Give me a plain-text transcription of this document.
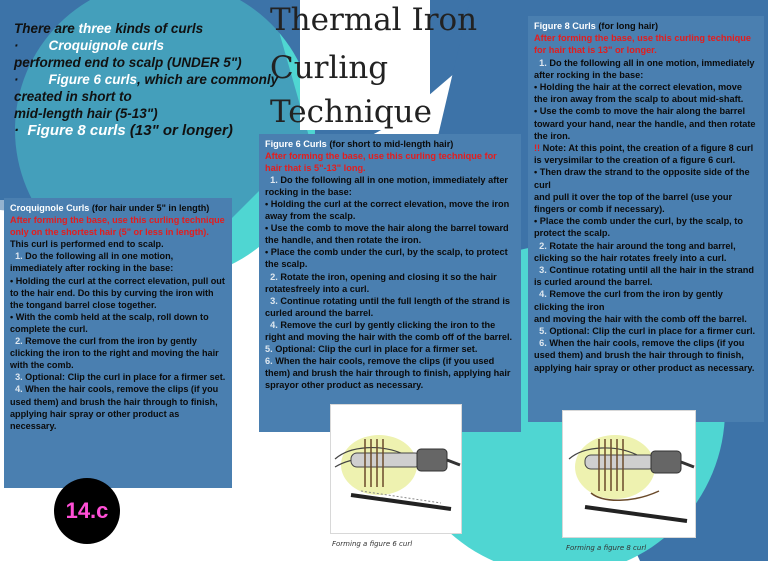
Thermal Iron
Curling
Technique
There are three kinds of curls
· Croquignole curls
performed end to scalp (UNDER 5")
· Figure 6 curls, which are commonly
created in short to
mid-length hair (5-13")
· Figure 8 curls (13" or longer)
Croquignole Curls (for hair under 5" in length)
After forming the base, use this curling technique only on the shortest hair (5" or less in length).
This curl is performed end to scalp.
1. Do the following all in one motion, immediately after rocking in the base:
• Holding the curl at the correct elevation, pull out to the hair end. Do this by curving the iron with the tongand barrel close together.
• With the comb held at the scalp, roll down to complete the curl.
2. Remove the curl from the iron by gently clicking the iron to the right and moving the hair with the comb.
3. Optional: Clip the curl in place for a firmer set.
4. When the hair cools, remove the clips (if you used them) and brush the hair through to finish, applying hair spray or other product as necessary.
Figure 6 Curls (for short to mid-length hair)
After forming the base, use this curling technique for hair that is 5"-13" long.
1. Do the following all in one motion, immediately after rocking in the base:
• Holding the curl at the correct elevation, move the iron away from the scalp.
• Use the comb to move the hair along the barrel toward the handle, and then rotate the iron.
• Place the comb under the curl, by the scalp, to protect the scalp.
2. Rotate the iron, opening and closing it so the hair rotatesfreely into a curl.
3. Continue rotating until the full length of the strand is curled around the barrel.
4. Remove the curl by gently clicking the iron to the right and moving the hair with the comb off of the barrel.
5. Optional: Clip the curl in place for a firmer set.
6. When the hair cools, remove the clips (if you used them) and brush the hair through to finish, applying hair sprayor other product as necessary.
Figure 8 Curls (for long hair)
After forming the base, use this curling technique for hair that is 13" or longer.
1. Do the following all in one motion, immediately after rocking in the base:
• Holding the hair at the correct elevation, move the iron away from the scalp to about mid-shaft.
• Use the comb to move the hair along the barrel toward your hand, near the handle, and then rotate the iron.
!! Note: At this point, the creation of a figure 8 curl is verysimilar to the creation of a figure 6 curl.
• Then draw the strand to the opposite side of the curl
and pull it over the top of the barrel (use your fingers or comb if necessary).
• Place the comb under the curl, by the scalp, to protect the scalp.
2. Rotate the hair around the tong and barrel, clicking so the hair rotates freely into a curl.
3. Continue rotating until all the hair in the strand is curled around the barrel.
4. Remove the curl from the iron by gently clicking the iron
and moving the hair with the comb off the barrel.
5. Optional: Clip the curl in place for a firmer curl.
6. When the hair cools, remove the clips (if you used them) and brush the hair through to finish, applying hair spray or other product as necessary.
Forming a figure 6 curl	Forming a figure 8 curl
14.c
